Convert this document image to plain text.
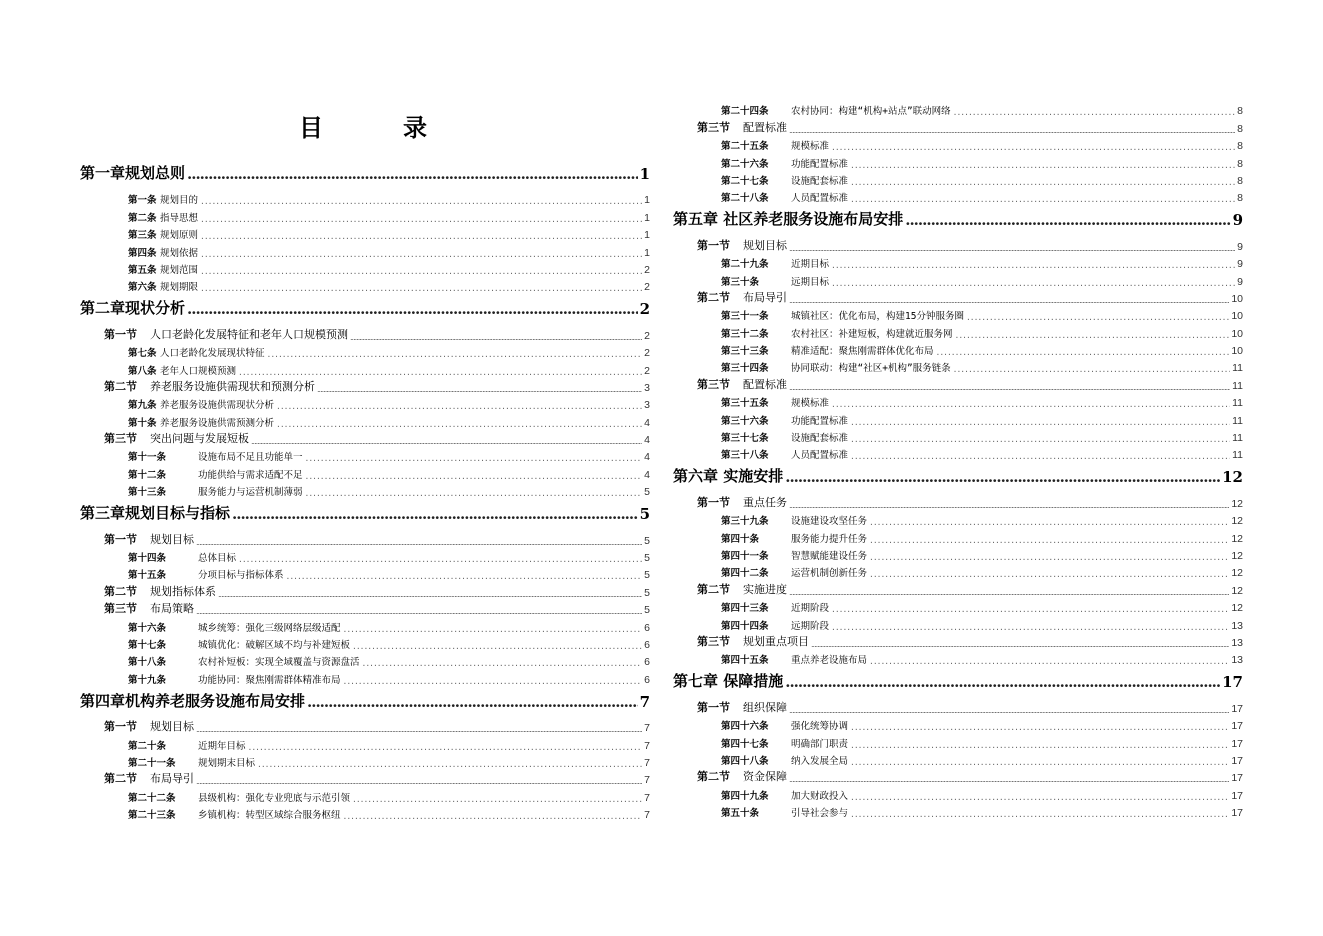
目　录
第一章规划总则 .....	1
第一条 规划目的 .....	1
第二条 指导思想 .....	1
第三条 规划原则 .....	1
第四条 规划依据 .....	1
第五条 规划范围 .....	2
第六条 规划期限 .....	2
第二章现状分析 .....	2
第一节 人口老龄化发展特征和老年人口规模预测 .....	2
第七条 人口老龄化发展现状特征 .....	2
第八条 老年人口规模预测 .....	2
第二节 养老服务设施供需现状和预测分析 .....	3
第九条 养老服务设施供需现状分析 .....	3
第十条 养老服务设施供需预测分析 .....	4
第三节 突出问题与发展短板 .....	4
第十一条	设施布局不足且功能单一 .....	4
第十二条	功能供给与需求适配不足 .....	4
第十三条	服务能力与运营机制薄弱 .....	5
第三章规划目标与指标 .....	5
第一节 规划目标 .....	5
第十四条	总体目标 .....	5
第十五条	分项目标与指标体系 .....	5
第二节 规划指标体系 .....	5
第三节 布局策略 .....	5
第十六条	城乡统筹：强化三级网络层级适配 .....	6
第十七条	城镇优化：破解区域不均与补建短板 .....	6
第十八条	农村补短板：实现全域覆盖与资源盘活 .....	6
第十九条	功能协同：聚焦刚需群体精准布局 .....	6
第四章机构养老服务设施布局安排 .....	7
第一节 规划目标 .....	7
第二十条	近期年目标 .....	7
第二十一条 规划期末目标 .....	7
第二节 布局导引 .....	7
第二十二条 县级机构：强化专业兜底与示范引领 .....	7
第二十三条 乡镇机构：转型区域综合服务枢纽 .....	7
第二十四条 农村协同：构建“机构+站点”联动网络 .....	8
第三节 配置标准 .....	8
第二十五条 规模标准 .....	8
第二十六条 功能配置标准 .....	8
第二十七条 设施配套标准 .....	8
第二十八条 人员配置标准 .....	8
第五章 社区养老服务设施布局安排 .....	9
第一节 规划目标 .....	9
第二十九条 近期目标 .....	9
第三十条	远期目标 .....	9
第二节 布局导引 .....	10
第三十一条 城镇社区：优化布局，构建15分钟服务圈 .....	10
第三十二条 农村社区：补建短板，构建就近服务网 .....	10
第三十三条 精准适配：聚焦刚需群体优化布局 .....	10
第三十四条 协同联动：构建“社区+机构”服务链条 .....	11
第三节 配置标准 .....	11
第三十五条 规模标准 .....	11
第三十六条 功能配置标准 .....	11
第三十七条 设施配套标准 .....	11
第三十八条 人员配置标准 .....	11
第六章 实施安排 .....	12
第一节 重点任务 .....	12
第三十九条 设施建设攻坚任务 .....	12
第四十条	服务能力提升任务 .....	12
第四十一条 智慧赋能建设任务 .....	12
第四十二条 运营机制创新任务 .....	12
第二节 实施进度 .....	12
第四十三条 近期阶段 .....	12
第四十四条 远期阶段 .....	13
第三节 规划重点项目 .....	13
第四十五条 重点养老设施布局 .....	13
第七章 保障措施 .....	17
第一节 组织保障 .....	17
第四十六条 强化统筹协调 .....	17
第四十七条 明确部门职责 .....	17
第四十八条 纳入发展全局 .....	17
第二节 资金保障 .....	17
第四十九条 加大财政投入 .....	17
第五十条	引导社会参与 .....	17
